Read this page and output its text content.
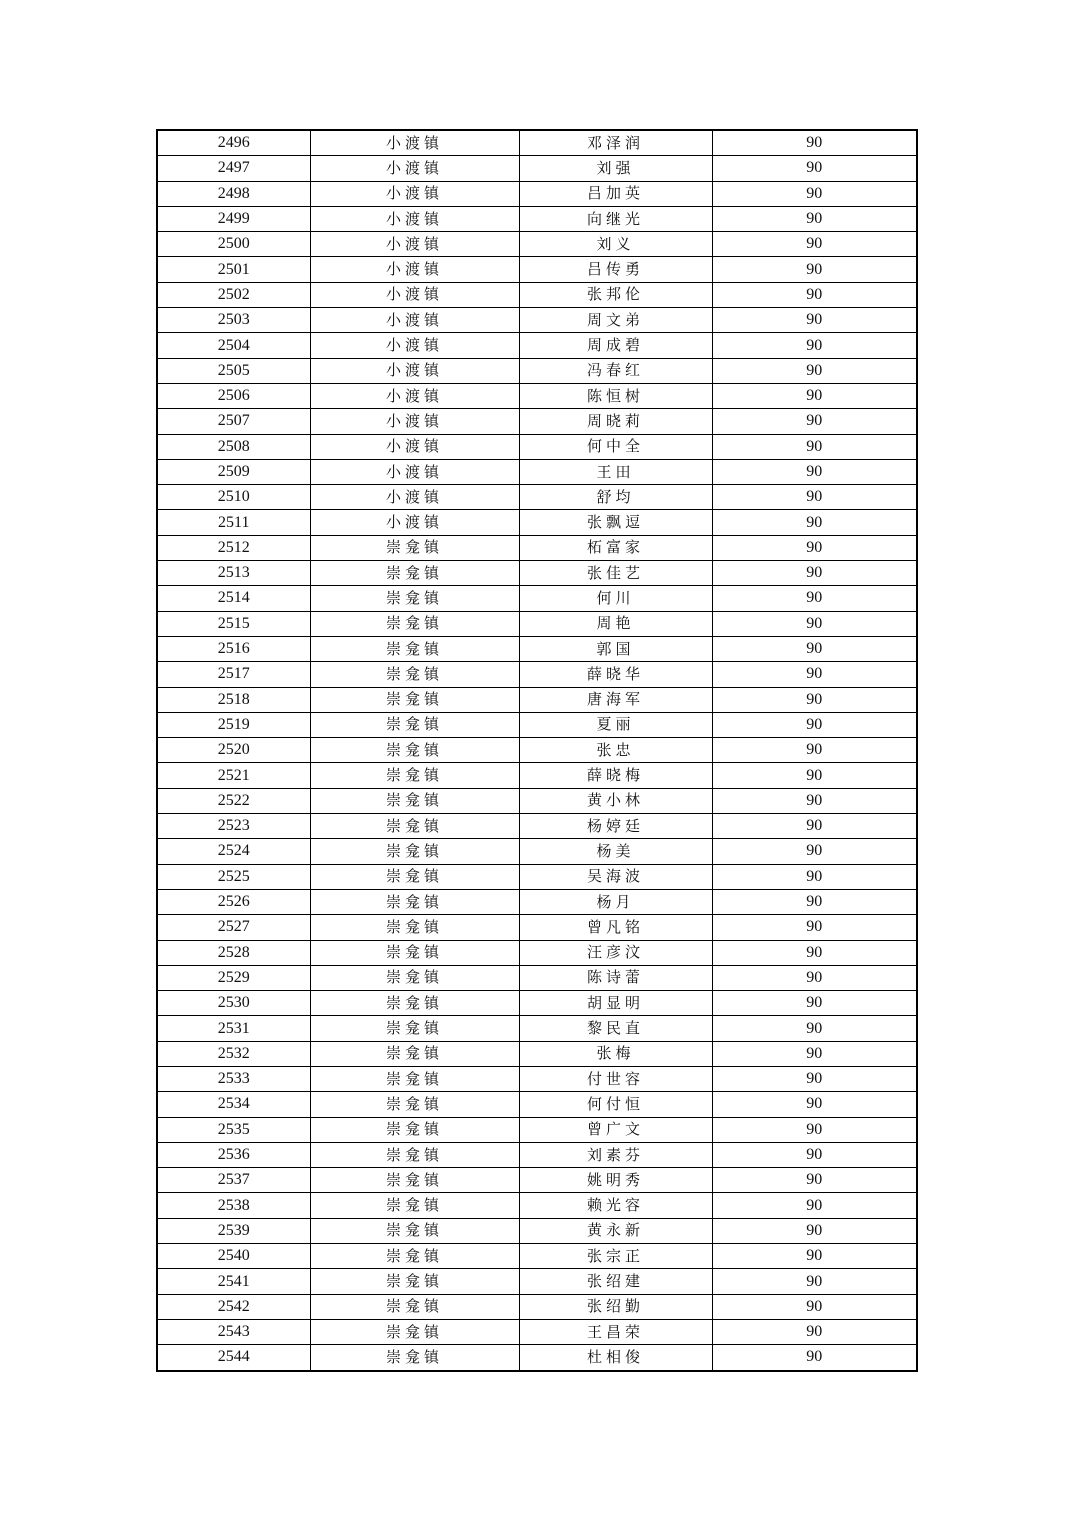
2496	小渡镇	邓泽润	90
2497	小渡镇	刘强	90
2498	小渡镇	吕加英	90
2499	小渡镇	向继光	90
2500	小渡镇	刘义	90
2501	小渡镇	吕传勇	90
2502	小渡镇	张邦伦	90
2503	小渡镇	周文弟	90
2504	小渡镇	周成碧	90
2505	小渡镇	冯春红	90
2506	小渡镇	陈恒树	90
2507	小渡镇	周晓莉	90
2508	小渡镇	何中全	90
2509	小渡镇	王田	90
2510	小渡镇	舒均	90
2511	小渡镇	张飘逗	90
2512	崇龛镇	柘富家	90
2513	崇龛镇	张佳艺	90
2514	崇龛镇	何川	90
2515	崇龛镇	周艳	90
2516	崇龛镇	郭国	90
2517	崇龛镇	薛晓华	90
2518	崇龛镇	唐海军	90
2519	崇龛镇	夏丽	90
2520	崇龛镇	张忠	90
2521	崇龛镇	薛晓梅	90
2522	崇龛镇	黄小林	90
2523	崇龛镇	杨婷廷	90
2524	崇龛镇	杨美	90
2525	崇龛镇	吴海波	90
2526	崇龛镇	杨月	90
2527	崇龛镇	曾凡铭	90
2528	崇龛镇	汪彦汶	90
2529	崇龛镇	陈诗蕾	90
2530	崇龛镇	胡显明	90
2531	崇龛镇	黎民直	90
2532	崇龛镇	张梅	90
2533	崇龛镇	付世容	90
2534	崇龛镇	何付恒	90
2535	崇龛镇	曾广文	90
2536	崇龛镇	刘素芬	90
2537	崇龛镇	姚明秀	90
2538	崇龛镇	赖光容	90
2539	崇龛镇	黄永新	90
2540	崇龛镇	张宗正	90
2541	崇龛镇	张绍建	90
2542	崇龛镇	张绍勤	90
2543	崇龛镇	王昌荣	90
2544	崇龛镇	杜相俊	90
